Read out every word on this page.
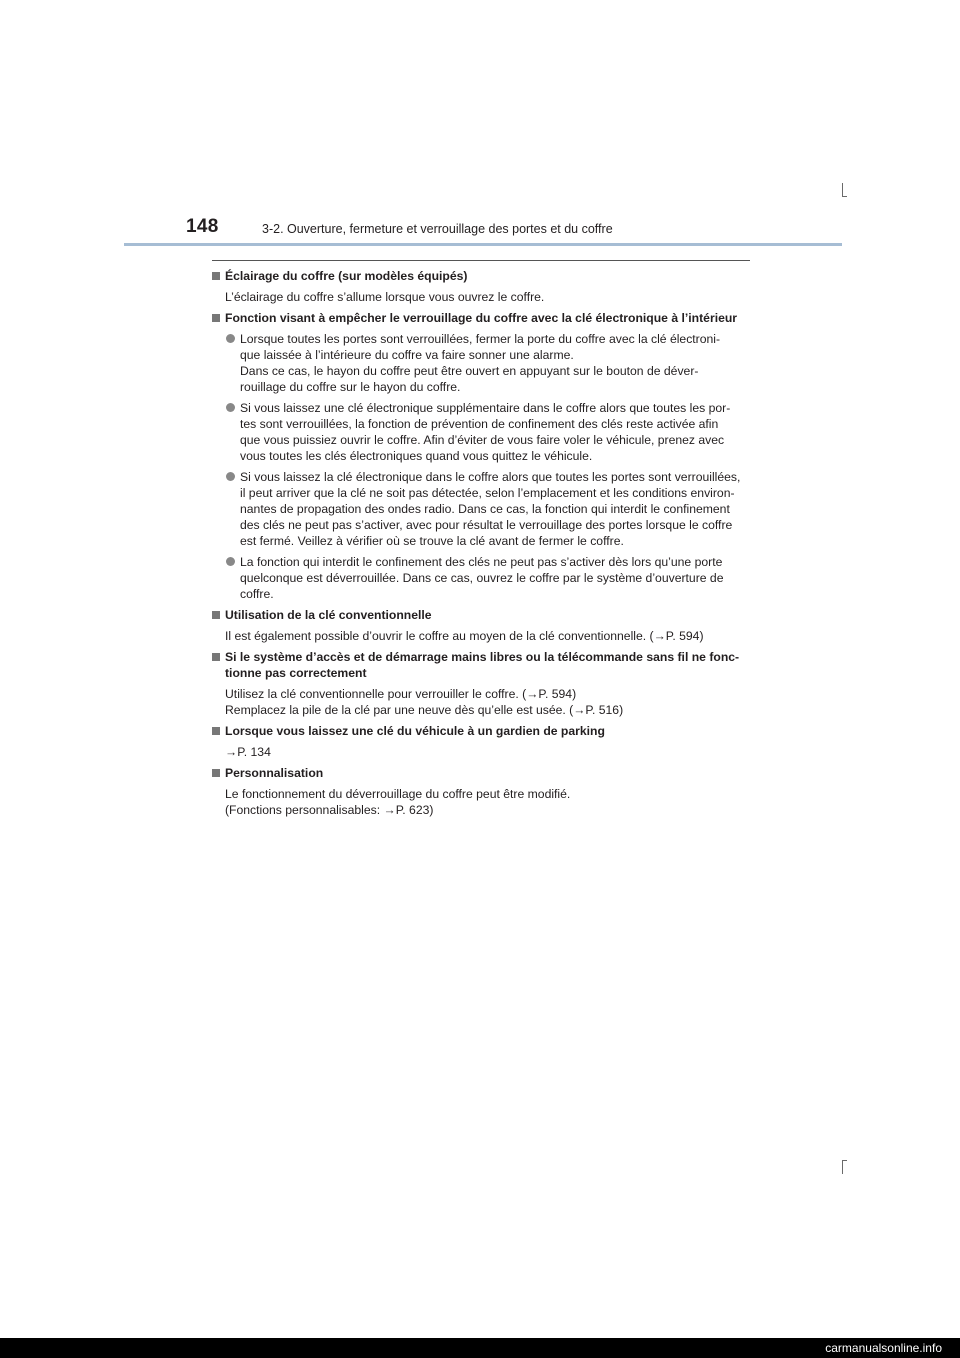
148	3-2. Ouverture, fermeture et verrouillage des portes et du coffre
Éclairage du coffre (sur modèles équipés)
L’éclairage du coffre s’allume lorsque vous ouvrez le coffre.
Fonction visant à empêcher le verrouillage du coffre avec la clé électronique à l’intérieur
Lorsque toutes les portes sont verrouillées, fermer la porte du coffre avec la clé électroni-
que laissée à l’intérieure du coffre va faire sonner une alarme.
Dans ce cas, le hayon du coffre peut être ouvert en appuyant sur le bouton de déver-
rouillage du coffre sur le hayon du coffre.
Si vous laissez une clé électronique supplémentaire dans le coffre alors que toutes les por-
tes sont verrouillées, la fonction de prévention de confinement des clés reste activée afin
que vous puissiez ouvrir le coffre. Afin d’éviter de vous faire voler le véhicule, prenez avec
vous toutes les clés électroniques quand vous quittez le véhicule.
Si vous laissez la clé électronique dans le coffre alors que toutes les portes sont verrouillées,
il peut arriver que la clé ne soit pas détectée, selon l’emplacement et les conditions environ-
nantes de propagation des ondes radio. Dans ce cas, la fonction qui interdit le confinement
des clés ne peut pas s’activer, avec pour résultat le verrouillage des portes lorsque le coffre
est fermé. Veillez à vérifier où se trouve la clé avant de fermer le coffre.
La fonction qui interdit le confinement des clés ne peut pas s’activer dès lors qu’une porte
quelconque est déverrouillée. Dans ce cas, ouvrez le coffre par le système d’ouverture de
coffre.
Utilisation de la clé conventionnelle
Il est également possible d’ouvrir le coffre au moyen de la clé conventionnelle. (→P. 594)
Si le système d’accès et de démarrage mains libres ou la télécommande sans fil ne fonc-
tionne pas correctement
Utilisez la clé conventionnelle pour verrouiller le coffre. (→P. 594)
Remplacez la pile de la clé par une neuve dès qu’elle est usée. (→P. 516)
Lorsque vous laissez une clé du véhicule à un gardien de parking
→P. 134
Personnalisation
Le fonctionnement du déverrouillage du coffre peut être modifié.
(Fonctions personnalisables: →P. 623)
carmanualsonline.info
